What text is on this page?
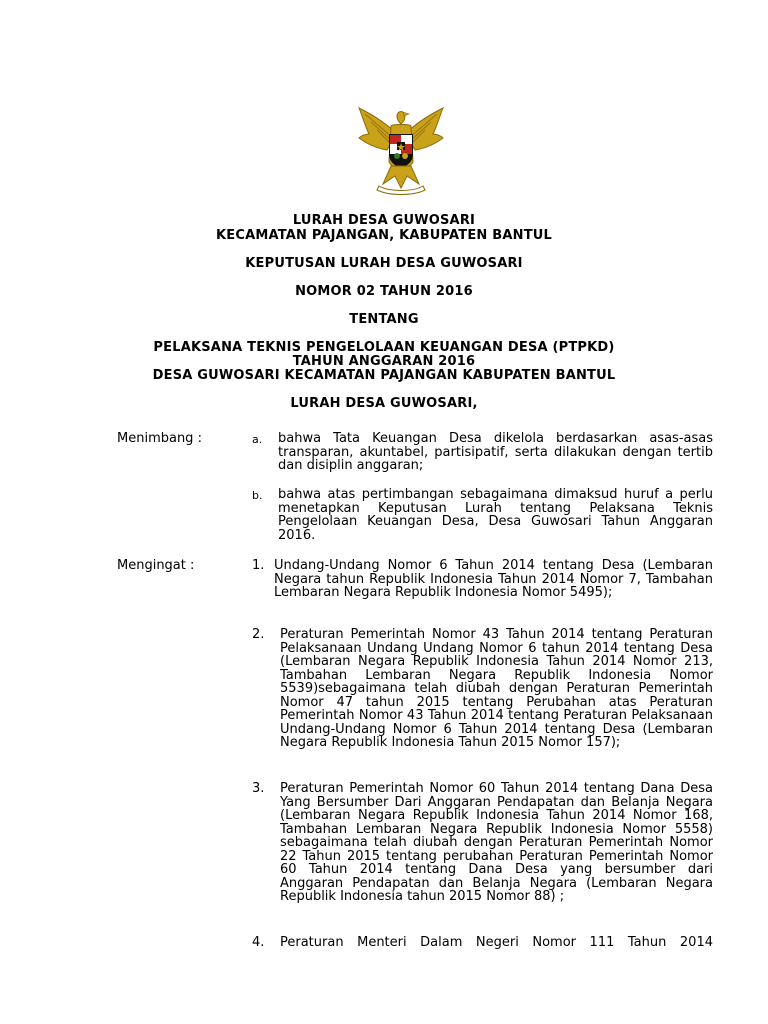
LURAH DESA GUWOSARI
KECAMATAN PAJANGAN, KABUPATEN BANTUL
KEPUTUSAN LURAH DESA GUWOSARI
NOMOR 02 TAHUN 2016
TENTANG
PELAKSANA TEKNIS PENGELOLAAN KEUANGAN DESA (PTPKD)
TAHUN ANGGARAN 2016
DESA GUWOSARI KECAMATAN PAJANGAN KABUPATEN BANTUL
LURAH DESA GUWOSARI,
Menimbang :	a. bahwa Tata Keuangan Desa dikelola berdasarkan asas-asas transparan, akuntabel, partisipatif, serta dilakukan dengan tertib dan disiplin anggaran;
b. bahwa atas pertimbangan sebagaimana dimaksud huruf a perlu menetapkan Keputusan Lurah tentang Pelaksana Teknis Pengelolaan Keuangan Desa, Desa Guwosari Tahun Anggaran 2016.
Mengingat :	1. Undang-Undang Nomor 6 Tahun 2014 tentang Desa (Lembaran Negara tahun Republik Indonesia Tahun 2014 Nomor 7, Tambahan Lembaran Negara Republik Indonesia Nomor 5495);
2. Peraturan Pemerintah Nomor 43 Tahun 2014 tentang Peraturan Pelaksanaan Undang Undang Nomor 6 tahun 2014 tentang Desa (Lembaran Negara Republik Indonesia Tahun 2014 Nomor 213, Tambahan Lembaran Negara Republik Indonesia Nomor 5539)sebagaimana telah diubah dengan Peraturan Pemerintah Nomor 47 tahun 2015 tentang Perubahan atas Peraturan Pemerintah Nomor 43 Tahun 2014 tentang Peraturan Pelaksanaan Undang-Undang Nomor 6 Tahun 2014 tentang Desa (Lembaran Negara Republik Indonesia Tahun 2015 Nomor 157);
3. Peraturan Pemerintah Nomor 60 Tahun 2014 tentang Dana Desa Yang Bersumber Dari Anggaran Pendapatan dan Belanja Negara (Lembaran Negara Republik Indonesia Tahun 2014 Nomor 168, Tambahan Lembaran Negara Republik Indonesia Nomor 5558) sebagaimana telah diubah dengan Peraturan Pemerintah Nomor 22 Tahun 2015 tentang perubahan Peraturan Pemerintah Nomor 60 Tahun 2014 tentang Dana Desa yang bersumber dari Anggaran Pendapatan dan Belanja Negara (Lembaran Negara Republik Indonesia tahun 2015 Nomor 88) ;
4. Peraturan Menteri Dalam Negeri Nomor 111 Tahun 2014
